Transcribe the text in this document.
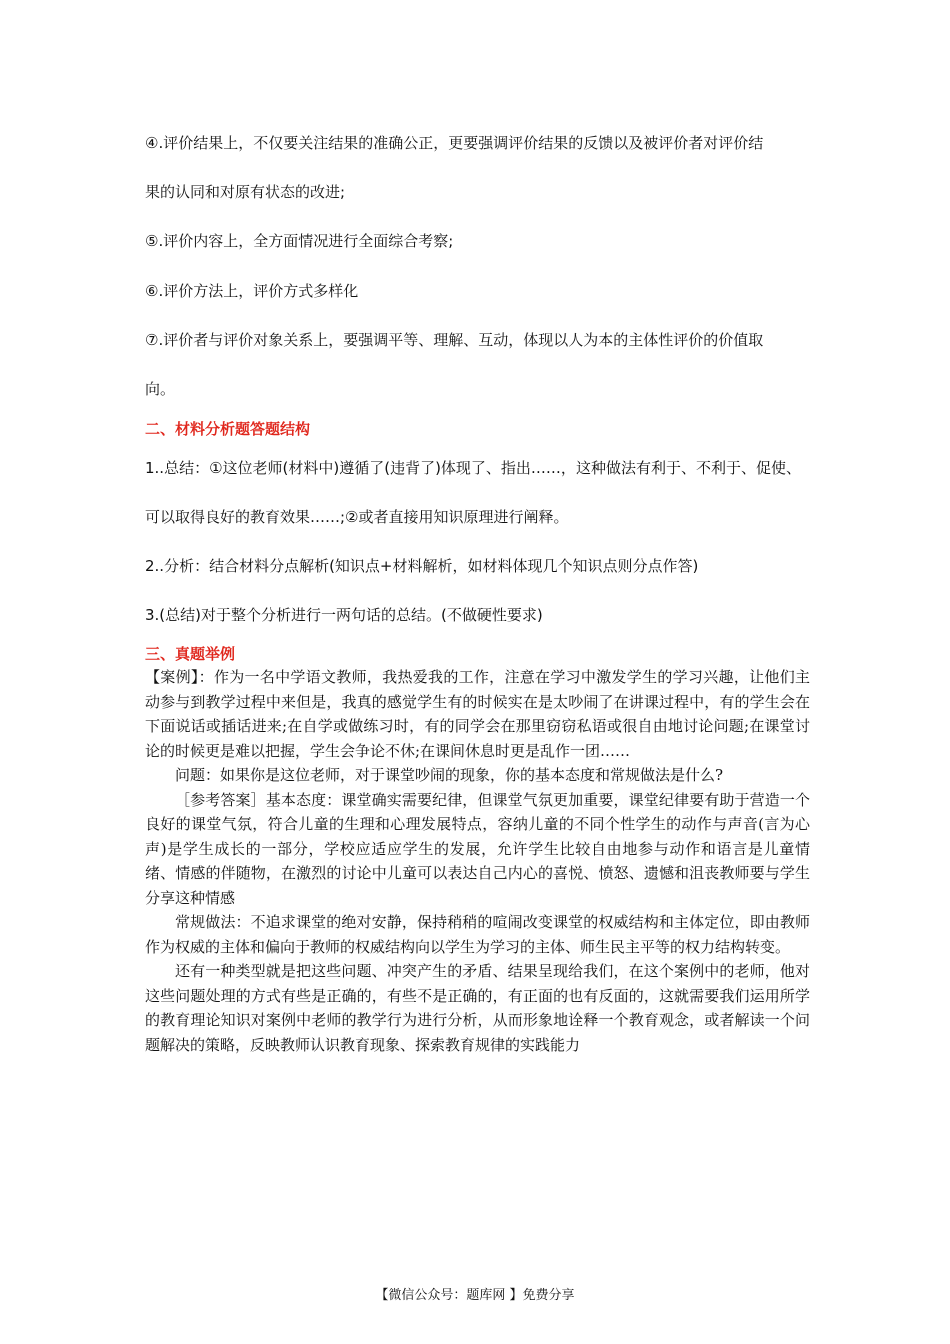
④.评价结果上，不仅要关注结果的准确公正，更要强调评价结果的反馈以及被评价者对评价结
果的认同和对原有状态的改进;
⑤.评价内容上，全方面情况进行全面综合考察;
⑥.评价方法上，评价方式多样化
⑦.评价者与评价对象关系上，要强调平等、理解、互动，体现以人为本的主体性评价的价值取
向。
二、材料分析题答题结构
1..总结：①这位老师(材料中)遵循了(违背了)体现了、指出……，这种做法有利于、不利于、促使、
可以取得良好的教育效果……;②或者直接用知识原理进行阐释。
2..分析：结合材料分点解析(知识点+材料解析，如材料体现几个知识点则分点作答)
3.(总结)对于整个分析进行一两句话的总结。(不做硬性要求)
三、真题举例

【案例】：作为一名中学语文教师，我热爱我的工作，注意在学习中激发学生的学习兴趣，让他们主动参与到教学过程中来但是，我真的感觉学生有的时候实在是太吵闹了在讲课过程中，有的学生会在下面说话或插话进来;在自学或做练习时，有的同学会在那里窃窃私语或很自由地讨论问题;在课堂讨论的时候更是难以把握，学生会争论不休;在课间休息时更是乱作一团……

问题：如果你是这位老师，对于课堂吵闹的现象，你的基本态度和常规做法是什么?

［参考答案］基本态度：课堂确实需要纪律，但课堂气氛更加重要，课堂纪律要有助于营造一个良好的课堂气氛，符合儿童的生理和心理发展特点，容纳儿童的不同个性学生的动作与声音(言为心声)是学生成长的一部分，学校应适应学生的发展，允许学生比较自由地参与动作和语言是儿童情绪、情感的伴随物，在激烈的讨论中儿童可以表达自己内心的喜悦、愤怒、遗憾和沮丧教师要与学生分享这种情感

常规做法：不追求课堂的绝对安静，保持稍稍的喧闹改变课堂的权威结构和主体定位，即由教师作为权威的主体和偏向于教师的权威结构向以学生为学习的主体、师生民主平等的权力结构转变。

还有一种类型就是把这些问题、冲突产生的矛盾、结果呈现给我们，在这个案例中的老师，他对这些问题处理的方式有些是正确的，有些不是正确的，有正面的也有反面的，这就需要我们运用所学的教育理论知识对案例中老师的教学行为进行分析，从而形象地诠释一个教育观念，或者解读一个问题解决的策略，反映教师认识教育现象、探索教育规律的实践能力

【微信公众号：题库网 】免费分享
